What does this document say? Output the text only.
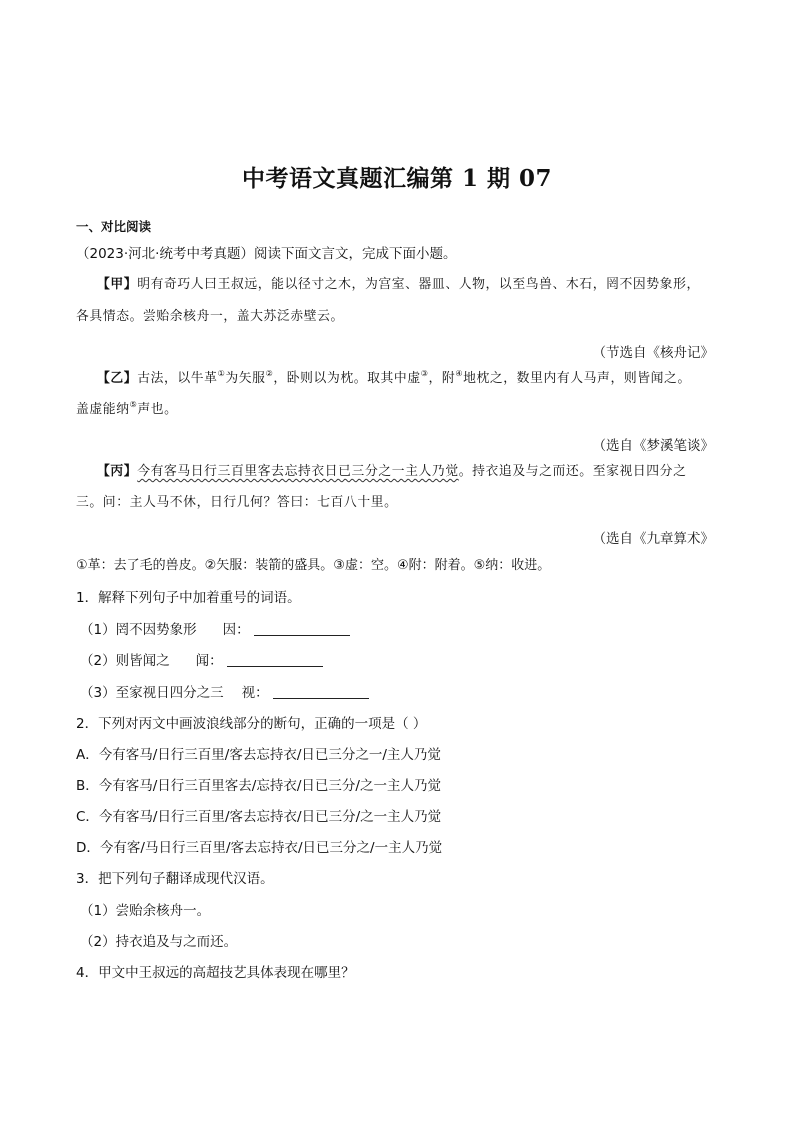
中考语文真题汇编第 1 期 07
一、对比阅读
（2023·河北·统考中考真题）阅读下面文言文，完成下面小题。
【甲】明有奇巧人曰王叔远，能以径寸之木，为宫室、器皿、人物，以至鸟兽、木石，罔不因势象形，
各具情态。尝贻余核舟一，盖大苏泛赤壁云。
（节选自《核舟记》
【乙】古法，以牛革①为矢服②，卧则以为枕。取其中虚③，附④地枕之，数里内有人马声，则皆闻之。
盖虚能纳⑤声也。
（选自《梦溪笔谈》
【丙】今有客马日行三百里客去忘持衣日已三分之一主人乃觉。持衣追及与之而还。至家视日四分之
三。问：主人马不休，日行几何？答曰：七百八十里。
（选自《九章算术》
①革：去了毛的兽皮。②矢服：装箭的盛具。③虚：空。④附：附着。⑤纳：收进。
1．解释下列句子中加着重号的词语。
（1）罔不因势象形 因：
（2）则皆闻之 闻：
（3）至家视日四分之三 视：
2．下列对丙文中画波浪线部分的断句，正确的一项是（ ）
A．今有客马/日行三百里/客去忘持衣/日已三分之一/主人乃觉
B．今有客马/日行三百里客去/忘持衣/日已三分/之一主人乃觉
C．今有客马/日行三百里/客去忘持衣/日已三分/之一主人乃觉
D．今有客/马日行三百里/客去忘持衣/日已三分之/一主人乃觉
3．把下列句子翻译成现代汉语。
（1）尝贻余核舟一。
（2）持衣追及与之而还。
4．甲文中王叔远的高超技艺具体表现在哪里？
